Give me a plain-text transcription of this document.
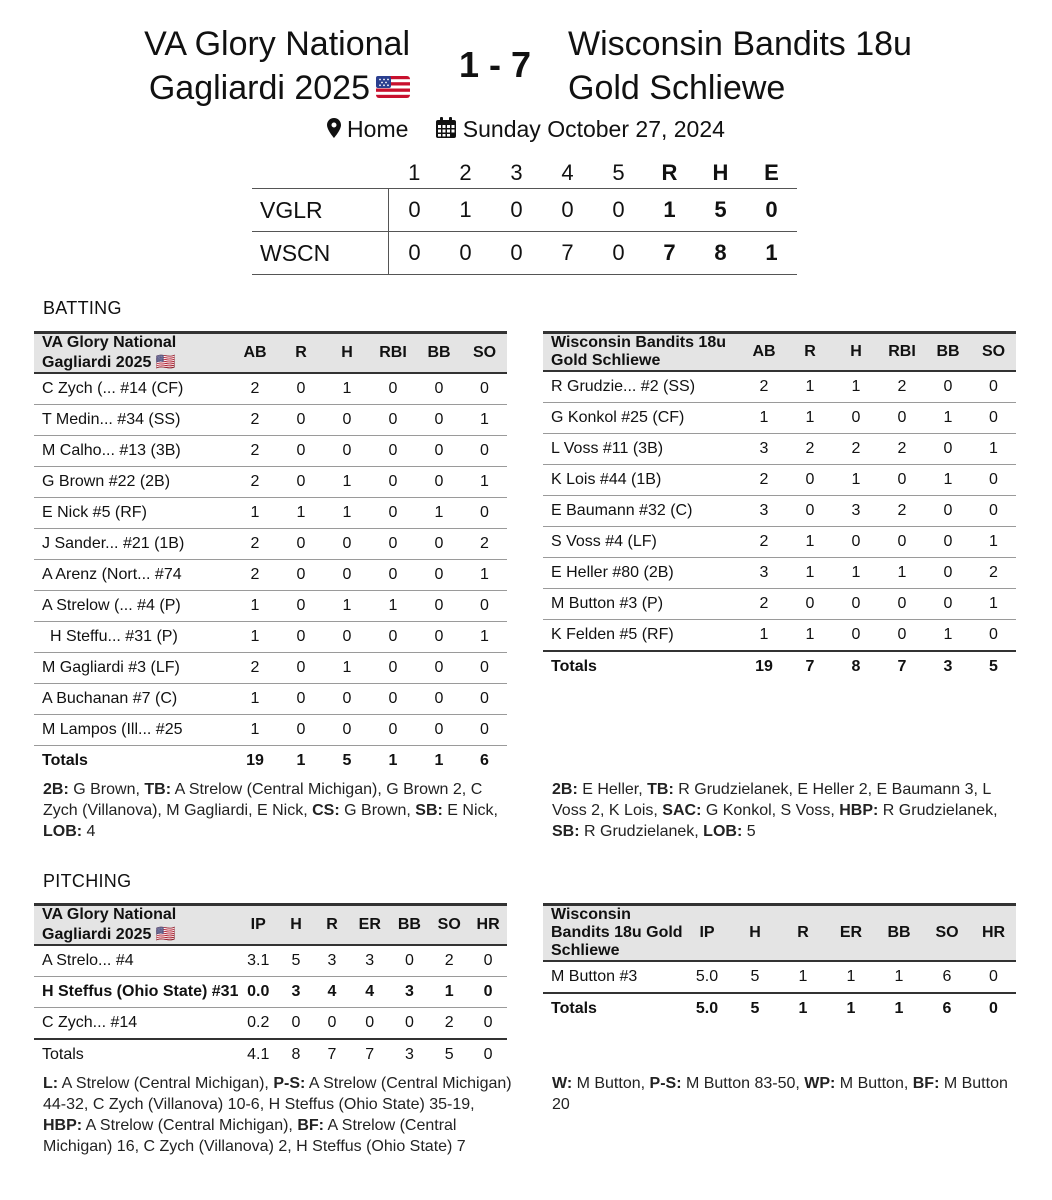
VA Glory National
Gagliardi 2025
1 - 7	Wisconsin Bandits 18u
Gold Schliewe
Home Sunday October 27, 2024
	1	2	3	4	5	R	H	E
VGLR	0	1	0	0	0	1	5	0
WSCN	0	0	0	7	0	7	8	1
BATTING
VA Glory National Gagliardi 2025 🇺🇸	AB	R	H	RBI	BB	SO
C Zych (... #14 (CF)	2	0	1	0	0	0
T Medin... #34 (SS)	2	0	0	0	0	1
M Calho... #13 (3B)	2	0	0	0	0	0
G Brown #22 (2B)	2	0	1	0	0	1
E Nick #5 (RF)	1	1	1	0	1	0
J Sander... #21 (1B)	2	0	0	0	0	2
A Arenz (Nort... #74	2	0	0	0	0	1
A Strelow (... #4 (P)	1	0	1	1	0	0
H Steffu... #31 (P)	1	0	0	0	0	1
M Gagliardi #3 (LF)	2	0	1	0	0	0
A Buchanan #7 (C)	1	0	0	0	0	0
M Lampos (Ill... #25	1	0	0	0	0	0
Totals	19	1	5	1	1	6
Wisconsin Bandits 18u Gold Schliewe	AB	R	H	RBI	BB	SO
R Grudzie... #2 (SS)	2	1	1	2	0	0
G Konkol #25 (CF)	1	1	0	0	1	0
L Voss #11 (3B)	3	2	2	2	0	1
K Lois #44 (1B)	2	0	1	0	1	0
E Baumann #32 (C)	3	0	3	2	0	0
S Voss #4 (LF)	2	1	0	0	0	1
E Heller #80 (2B)	3	1	1	1	0	2
M Button #3 (P)	2	0	0	0	0	1
K Felden #5 (RF)	1	1	0	0	1	0
Totals	19	7	8	7	3	5
2B: G Brown, TB: A Strelow (Central Michigan), G Brown 2, C Zych (Villanova), M Gagliardi, E Nick, CS: G Brown, SB: E Nick, LOB: 4
2B: E Heller, TB: R Grudzielanek, E Heller 2, E Baumann 3, L Voss 2, K Lois, SAC: G Konkol, S Voss, HBP: R Grudzielanek, SB: R Grudzielanek, LOB: 5
PITCHING
VA Glory National Gagliardi 2025 🇺🇸	IP	H	R	ER	BB	SO	HR
A Strelo... #4	3.1	5	3	3	0	2	0
H Steffus (Ohio State) #31	0.0	3	4	4	3	1	0
C Zych... #14	0.2	0	0	0	0	2	0
Totals	4.1	8	7	7	3	5	0
Wisconsin Bandits 18u Gold Schliewe	IP	H	R	ER	BB	SO	HR
M Button #3	5.0	5	1	1	1	6	0
Totals	5.0	5	1	1	1	6	0
L: A Strelow (Central Michigan), P-S: A Strelow (Central Michigan) 44-32, C Zych (Villanova) 10-6, H Steffus (Ohio State) 35-19, HBP: A Strelow (Central Michigan), BF: A Strelow (Central Michigan) 16, C Zych (Villanova) 2, H Steffus (Ohio State) 7
W: M Button, P-S: M Button 83-50, WP: M Button, BF: M Button 20
